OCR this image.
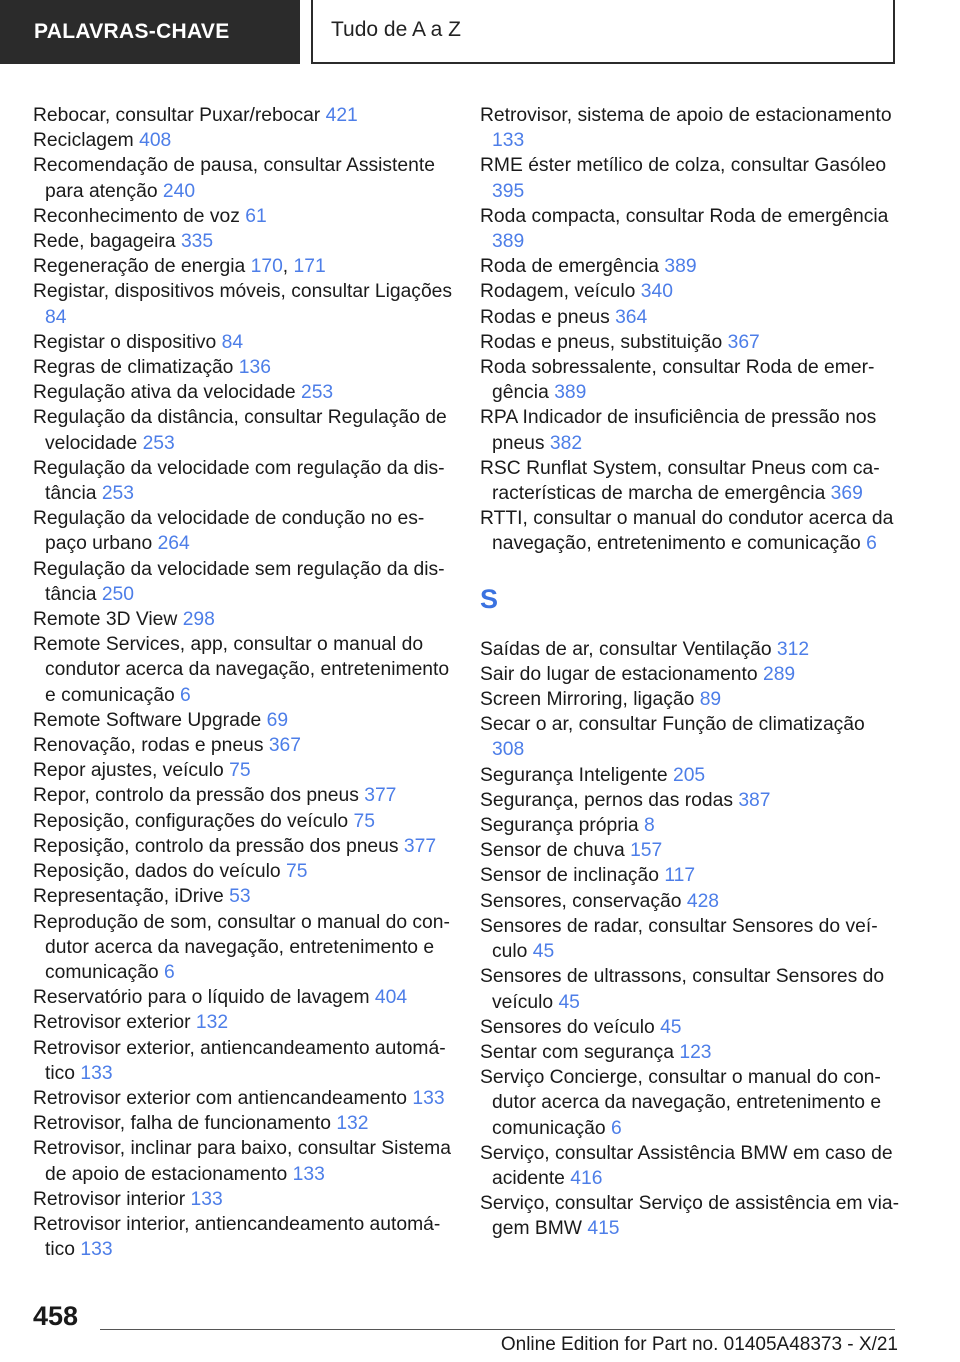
PALAVRAS-CHAVE	Tudo de A a Z

Rebocar, consultar Puxar/rebocar 421

Reciclagem 408

Recomendação de pausa, consultar Assistente para atenção 240

Reconhecimento de voz 61

Rede, bagageira 335

Regeneração de energia 170, 171

Registar, dispositivos móveis, consultar Ligações 84

Registar o dispositivo 84

Regras de climatização 136

Regulação ativa da velocidade 253

Regulação da distância, consultar Regulação de velocidade 253

Regulação da velocidade com regulação da distância 253

Regulação da velocidade de condução no espaço urbano 264

Regulação da velocidade sem regulação da distância 250

Remote 3D View 298

Remote Services, app, consultar o manual do condutor acerca da navegação, entretenimento e comunicação 6

Remote Software Upgrade 69

Renovação, rodas e pneus 367

Repor ajustes, veículo 75

Repor, controlo da pressão dos pneus 377

Reposição, configurações do veículo 75

Reposição, controlo da pressão dos pneus 377

Reposição, dados do veículo 75

Representação, iDrive 53

Reprodução de som, consultar o manual do condutor acerca da navegação, entretenimento e comunicação 6

Reservatório para o líquido de lavagem 404

Retrovisor exterior 132

Retrovisor exterior, antiencandeamento automático 133

Retrovisor exterior com antiencandeamento 133

Retrovisor, falha de funcionamento 132

Retrovisor, inclinar para baixo, consultar Sistema de apoio de estacionamento 133

Retrovisor interior 133

Retrovisor interior, antiencandeamento automático 133

Retrovisor, sistema de apoio de estacionamento 133

RME éster metílico de colza, consultar Gasóleo 395

Roda compacta, consultar Roda de emergência 389

Roda de emergência 389

Rodagem, veículo 340

Rodas e pneus 364

Rodas e pneus, substituição 367

Roda sobressalente, consultar Roda de emergência 389

RPA Indicador de insuficiência de pressão nos pneus 382

RSC Runflat System, consultar Pneus com características de marcha de emergência 369

RTTI, consultar o manual do condutor acerca da navegação, entretenimento e comunicação 6

S

Saídas de ar, consultar Ventilação 312

Sair do lugar de estacionamento 289

Screen Mirroring, ligação 89

Secar o ar, consultar Função de climatização 308

Segurança Inteligente 205

Segurança, pernos das rodas 387

Segurança própria 8

Sensor de chuva 157

Sensor de inclinação 117

Sensores, conservação 428

Sensores de radar, consultar Sensores do veículo 45

Sensores de ultrassons, consultar Sensores do veículo 45

Sensores do veículo 45

Sentar com segurança 123

Serviço Concierge, consultar o manual do condutor acerca da navegação, entretenimento e comunicação 6

Serviço, consultar Assistência BMW em caso de acidente 416

Serviço, consultar Serviço de assistência em viagem BMW 415

458
Online Edition for Part no. 01405A48373 - X/21
